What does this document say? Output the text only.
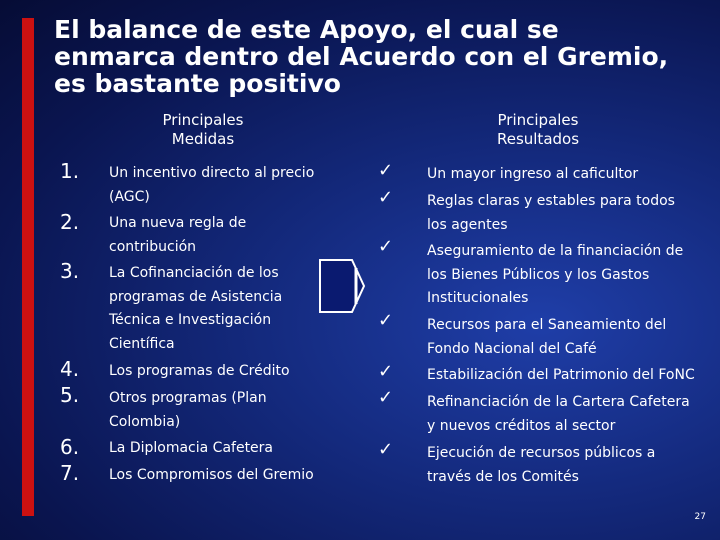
El balance de este Apoyo, el cual se
enmarca dentro del Acuerdo con el Gremio,
es bastante positivo
Principales
Medidas
Principales
Resultados
1.
2.
3.
4.
5.
6.
7.
Un incentivo directo al precio
(AGC)
Una nueva regla de
contribución
La Cofinanciación de los
programas de Asistencia
Técnica e Investigación
Científica
Los programas de Crédito
Otros programas (Plan
Colombia)
La Diplomacia Cafetera
Los Compromisos del Gremio
✓
✓
✓
✓
✓
✓
✓
Un mayor ingreso al caficultor
Reglas claras y estables para todos
los agentes
Aseguramiento de la financiación de
los Bienes Públicos y los Gastos
Institucionales
Recursos para el Saneamiento del
Fondo Nacional del Café
Estabilización del Patrimonio del FoNC
Refinanciación de la Cartera Cafetera
y nuevos créditos al sector
Ejecución de recursos públicos a
través de los Comités
27
